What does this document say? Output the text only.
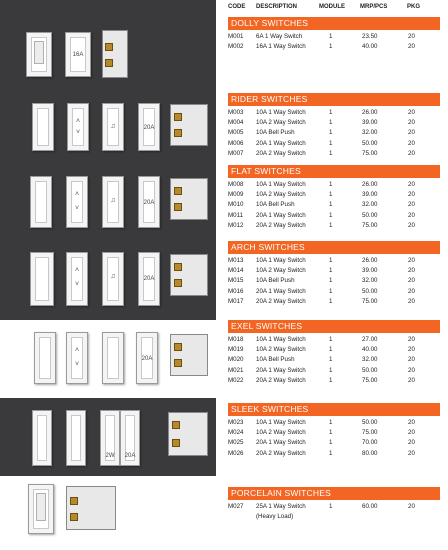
16A
˄
˅
♫	20A
˄
˅
♫	20A
˄
˅
♫	20A
˄
˅
20A
2W	20A
CODE DESCRIPTION	MODULE	MRP/PCS	PKG
DOLLY SWITCHES
M001 6A 1 Way Switch	1	23.50	20
M002 16A 1 Way Switch	1	40.00	20
RIDER SWITCHES
M003 10A 1 Way Switch	1	26.00	20
M004 10A 2 Way Switch	1	39.00	20
M005 10A Bell Push	1	32.00	20
M006 20A 1 Way Switch	1	50.00	20
M007 20A 2 Way Switch	1	75.00	20
FLAT SWITCHES
M008 10A 1 Way Switch	1	26.00	20
M009 10A 2 Way Switch	1	39.00	20
M010 10A Bell Push	1	32.00	20
M011 20A 1 Way Switch	1	50.00	20
M012 20A 2 Way Switch	1	75.00	20
ARCH SWITCHES
M013 10A 1 Way Switch	1	26.00	20
M014 10A 2 Way Switch	1	39.00	20
M015 10A Bell Push	1	32.00	20
M016 20A 1 Way Switch	1	50.00	20
M017 20A 2 Way Switch	1	75.00	20
EXEL SWITCHES
M018 10A 1 Way Switch	1	27.00	20
M019 10A 2 Way Switch	1	40.00	20
M020 10A Bell Push	1	32.00	20
M021 20A 1 Way Switch	1	50.00	20
M022 20A 2 Way Switch	1	75.00	20
SLEEK SWITCHES
M023 10A 1 Way Switch	1	50.00	20
M024 10A 2 Way Switch	1	75.00	20
M025 20A 1 Way Switch	1	70.00	20
M026 20A 2 Way Switch	1	80.00	20
PORCELAIN SWITCHES
M027 25A 1 Way Switch	1	60.00	20
(Heavy Load)
